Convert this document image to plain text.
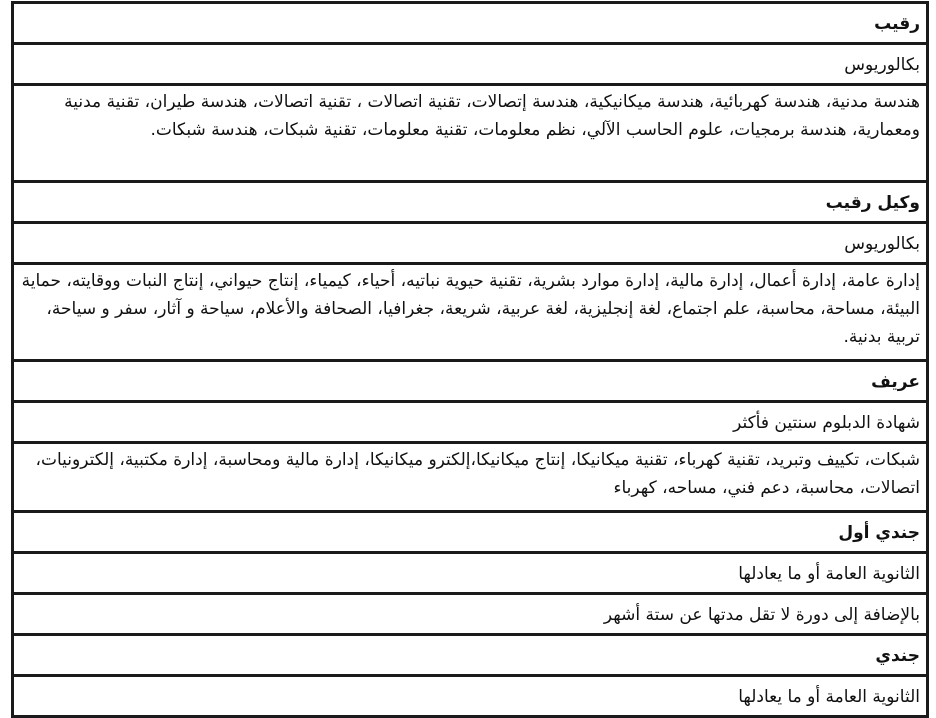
رقيب
بكالوريوس
هندسة مدنية، هندسة كهربائية، هندسة ميكانيكية، هندسة إتصالات، تقنية اتصالات ، تقنية اتصالات، هندسة طيران، تقنية مدنية ومعمارية، هندسة برمجيات، علوم الحاسب الآلي، نظم معلومات، تقنية معلومات، تقنية شبكات، هندسة شبكات.
وكيل رقيب
بكالوريوس
إدارة عامة، إدارة أعمال، إدارة مالية، إدارة موارد بشرية، تقنية حيوية نباتيه، أحياء، كيمياء، إنتاج حيواني، إنتاج النبات ووقايته، حماية البيئة، مساحة، محاسبة، علم اجتماع، لغة إنجليزية، لغة عربية، شريعة، جغرافيا، الصحافة والأعلام، سياحة و آثار، سفر و سياحة، تربية بدنية.
عريف
شهادة الدبلوم سنتين فأكثر
شبكات، تكييف وتبريد، تقنية كهرباء، تقنية ميكانيكا، إنتاج ميكانيكا،إلكترو ميكانيكا، إدارة مالية ومحاسبة، إدارة مكتبية، إلكترونيات، اتصالات، محاسبة، دعم فني، مساحه، كهرباء
جندي أول
الثانوية العامة أو ما يعادلها
بالإضافة إلى دورة لا تقل مدتها عن ستة أشهر
جندي
الثانوية العامة أو ما يعادلها
